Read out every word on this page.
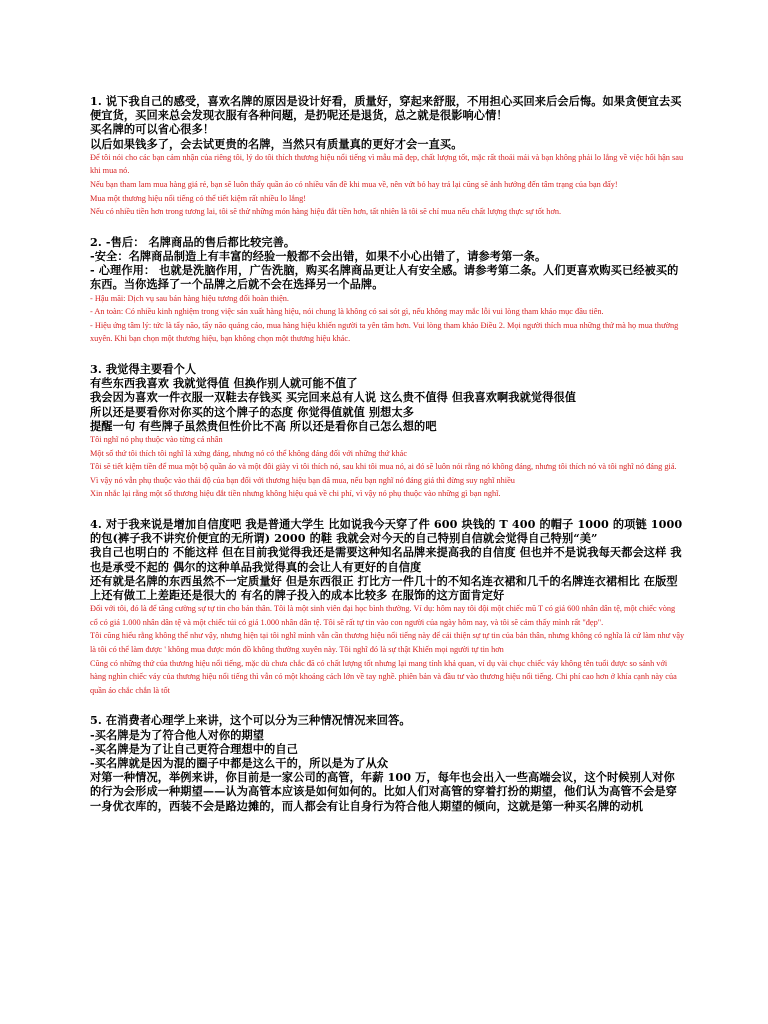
1. 说下我自己的感受，喜欢名牌的原因是设计好看，质量好，穿起来舒服，不用担心买回来后会后悔。如果贪便宜去买便宜货，买回来总会发现衣服有各种问题，是扔呢还是退货，总之就是很影响心情！
买名牌的可以省心很多！
以后如果钱多了，会去试更贵的名牌，当然只有质量真的更好才会一直买。
Để tôi nói cho các bạn cảm nhận của riêng tôi, lý do tôi thích thương hiệu nổi tiếng vì mẫu mã đẹp, chất lượng tốt, mặc rất thoải mái và bạn không phải lo lắng về việc hối hận sau khi mua nó.
Nếu bạn tham lam mua hàng giá rẻ, bạn sẽ luôn thấy quần áo có nhiều vấn đề khi mua về, nên vứt bỏ hay trả lại cũng sẽ ảnh hưởng đến tâm trạng của bạn đấy!
Mua một thương hiệu nổi tiếng có thể tiết kiệm rất nhiều lo lắng!
Nếu có nhiều tiền hơn trong tương lai, tôi sẽ thử những món hàng hiệu đắt tiền hơn, tất nhiên là tôi sẽ chỉ mua nếu chất lượng thực sự tốt hơn.
2. -售后： 名牌商品的售后都比较完善。
-安全：名牌商品制造上有丰富的经验一般都不会出错，如果不小心出错了，请参考第一条。
- 心理作用： 也就是洗脑作用，广告洗脑，购买名牌商品更让人有安全感。请参考第二条。人们更喜欢购买已经被买的东西。当你选择了一个品牌之后就不会在选择另一个品牌。
- Hậu mãi: Dịch vụ sau bán hàng hiệu tương đối hoàn thiện.
- An toàn: Có nhiều kinh nghiệm trong việc sản xuất hàng hiệu, nói chung là không có sai sót gì, nếu không may mắc lỗi vui lòng tham khảo mục đầu tiên.
- Hiệu ứng tâm lý: tức là tẩy não, tẩy não quảng cáo, mua hàng hiệu khiến người ta yên tâm hơn. Vui lòng tham khảo Điều 2. Mọi người thích mua những thứ mà họ mua thường xuyên. Khi bạn chọn một thương hiệu, bạn không chọn một thương hiệu khác.
3. 我觉得主要看个人
有些东西我喜欢 我就觉得值 但换作别人就可能不值了
我会因为喜欢一件衣服一双鞋去存钱买 买完回来总有人说 这么贵不值得 但我喜欢啊我就觉得很值
所以还是要看你对你买的这个牌子的态度 你觉得值就值 别想太多
提醒一句 有些牌子虽然贵但性价比不高 所以还是看你自己怎么想的吧
Tôi nghĩ nó phụ thuộc vào từng cá nhân
Một số thứ tôi thích tôi nghĩ là xứng đáng, nhưng nó có thể không đáng đối với những thứ khác
Tôi sẽ tiết kiệm tiền để mua một bộ quần áo và một đôi giày vì tôi thích nó, sau khi tôi mua nó, ai đó sẽ luôn nói rằng nó không đáng, nhưng tôi thích nó và tôi nghĩ nó đáng giá.
Vì vậy nó vẫn phụ thuộc vào thái độ của bạn đối với thương hiệu bạn đã mua, nếu bạn nghĩ nó đáng giá thì đừng suy nghĩ nhiều
Xin nhắc lại rằng một số thương hiệu đắt tiền nhưng không hiệu quả về chi phí, vì vậy nó phụ thuộc vào những gì bạn nghĩ.
4. 对于我来说是增加自信度吧 我是普通大学生 比如说我今天穿了件 600 块钱的 T 400 的帽子 1000 的项链 1000 的包(裤子我不讲究价便宜的无所谓) 2000 的鞋 我就会对今天的自己特别自信就会觉得自己特别“美”
我自己也明白的 不能这样 但在目前我觉得我还是需要这种知名品牌来提高我的自信度 但也并不是说我每天都会这样 我也是承受不起的 偶尔的这种单品我觉得真的会让人有更好的自信度
还有就是名牌的东西虽然不一定质量好 但是东西很正 打比方一件几十的不知名连衣裙和几千的名牌连衣裙相比 在版型上还有做工上差距还是很大的 有名的牌子投入的成本比较多 在服饰的这方面肯定好
Đối với tôi, đó là để tăng cường sự tự tin cho bản thân. Tôi là một sinh viên đại học bình thường. Ví dụ: hôm nay tôi đội một chiếc mũ T có giá 600 nhân dân tệ, một chiếc vòng cổ có giá 1.000 nhân dân tệ và một chiếc túi có giá 1.000 nhân dân tệ. Tôi sẽ rất tự tin vào con người của ngày hôm nay, và tôi sẽ cảm thấy mình rất "đẹp".
Tôi cũng hiểu rằng không thể như vậy, nhưng hiện tại tôi nghĩ mình vẫn cần thương hiệu nổi tiếng này để cải thiện sự tự tin của bản thân, nhưng không có nghĩa là cứ làm như vậy là tôi có thể làm được ' không mua được món đồ không thường xuyên này. Tôi nghĩ đó là sự thật Khiến mọi người tự tin hơn
Cũng có những thứ của thương hiệu nổi tiếng, mặc dù chưa chắc đã có chất lượng tốt nhưng lại mang tính khả quan, ví dụ vài chục chiếc váy không tên tuổi được so sánh với hàng nghìn chiếc váy của thương hiệu nổi tiếng thì vẫn có một khoảng cách lớn về tay nghề. phiên bản và đầu tư vào thương hiệu nổi tiếng. Chi phí cao hơn ở khía cạnh này của quần áo chắc chắn là tốt
5. 在消费者心理学上来讲，这个可以分为三种情况情况来回答。
-买名牌是为了符合他人对你的期望
-买名牌是为了让自己更符合理想中的自己
-买名牌就是因为混的圈子中都是这么干的，所以是为了从众
对第一种情况，举例来讲，你目前是一家公司的高管，年薪 100 万，每年也会出入一些高端会议，这个时候别人对你的行为会形成一种期望——认为高管本应该是如何如何的。比如人们对高管的穿着打扮的期望，他们认为高管不会是穿一身优衣库的，西装不会是路边摊的，而人都会有让自身行为符合他人期望的倾向，这就是第一种买名牌的动机
